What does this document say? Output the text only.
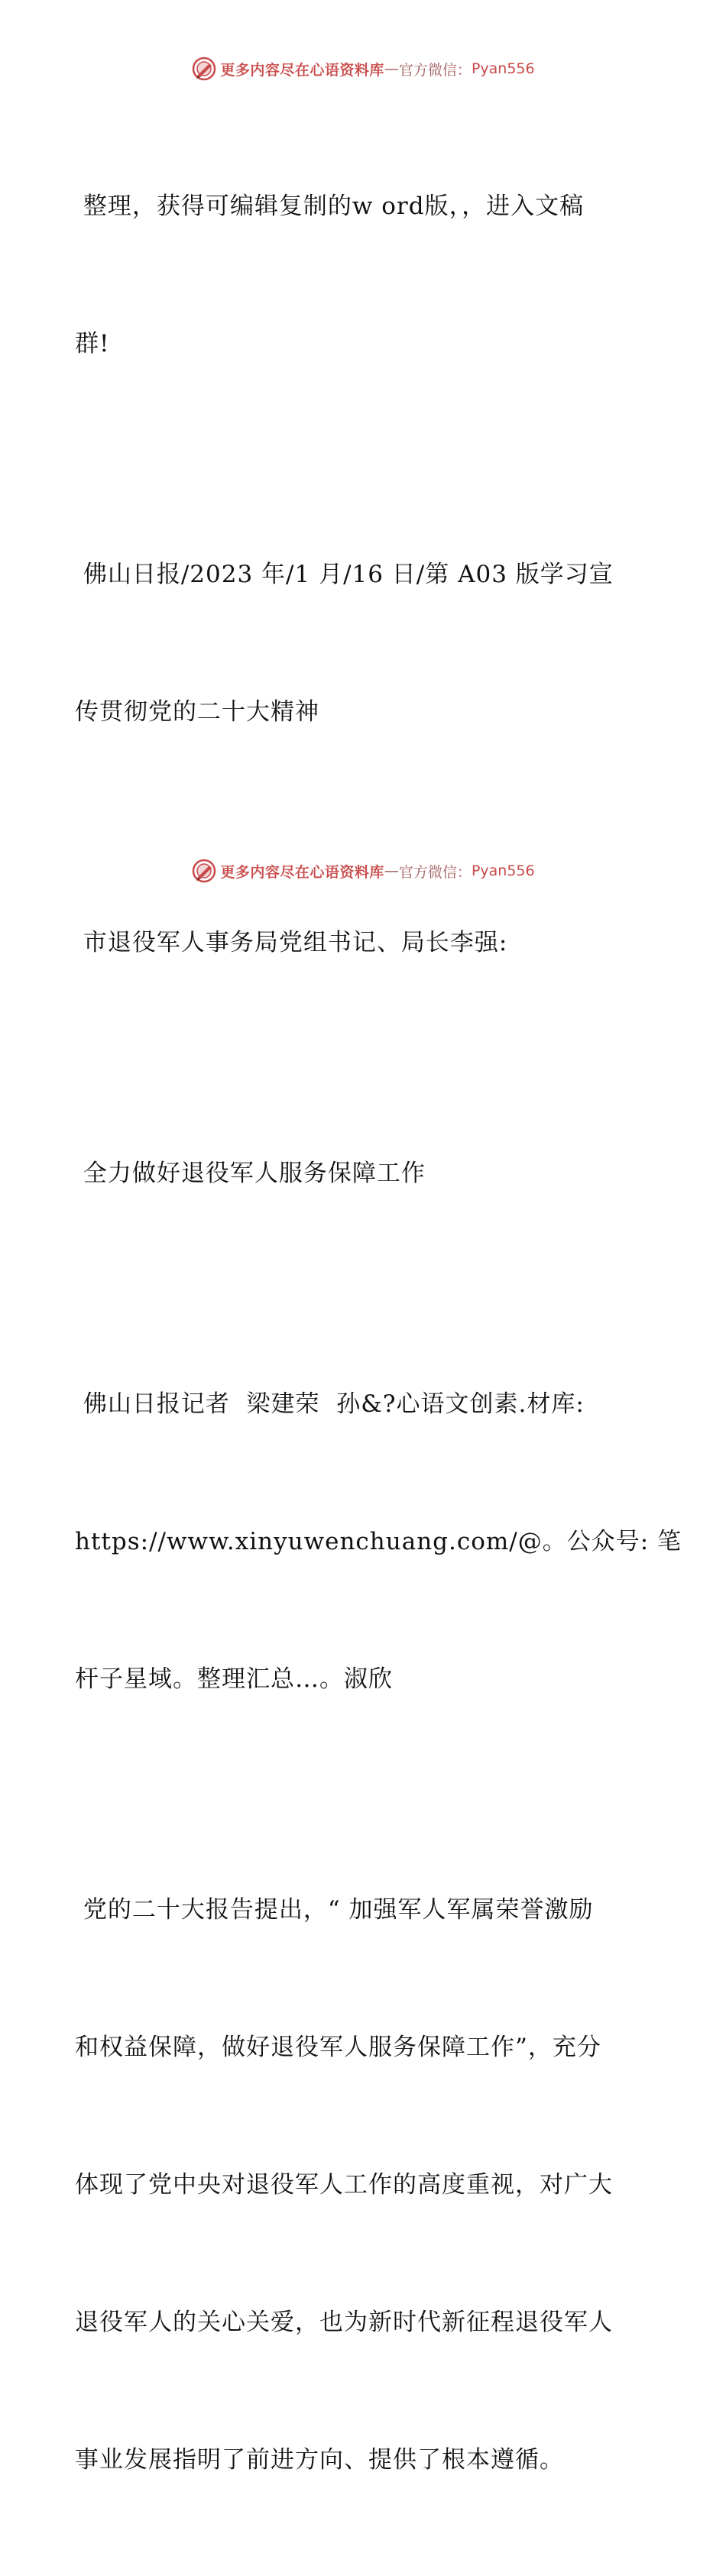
更多内容尽在心语资料库 — 官方微信： Pyan556

整理，获得可编辑复制的w ord版，，进入文稿

群!

佛山日报/2023 年/1 月/16 日/第 A03 版学习宣

传贯彻党的二十大精神

市退役军人事务局党组书记、局长李强:

全力做好退役军人服务保障工作

佛山日报记者  梁建荣  孙&?心语文创素.材库:

https://www.xinyuwenchuang.com/@。公众号: 笔

杆子星域。整理汇总…。淑欣

党的二十大报告提出，“ 加强军人军属荣誉激励

和权益保障，做好退役军人服务保障工作”，充分

体现了党中央对退役军人工作的高度重视，对广大

退役军人的关心关爱，也为新时代新征程退役军人

事业发展指明了前进方向、提供了根本遵循。

更多内容尽在心语资料库 — 官方微信： Pyan556
